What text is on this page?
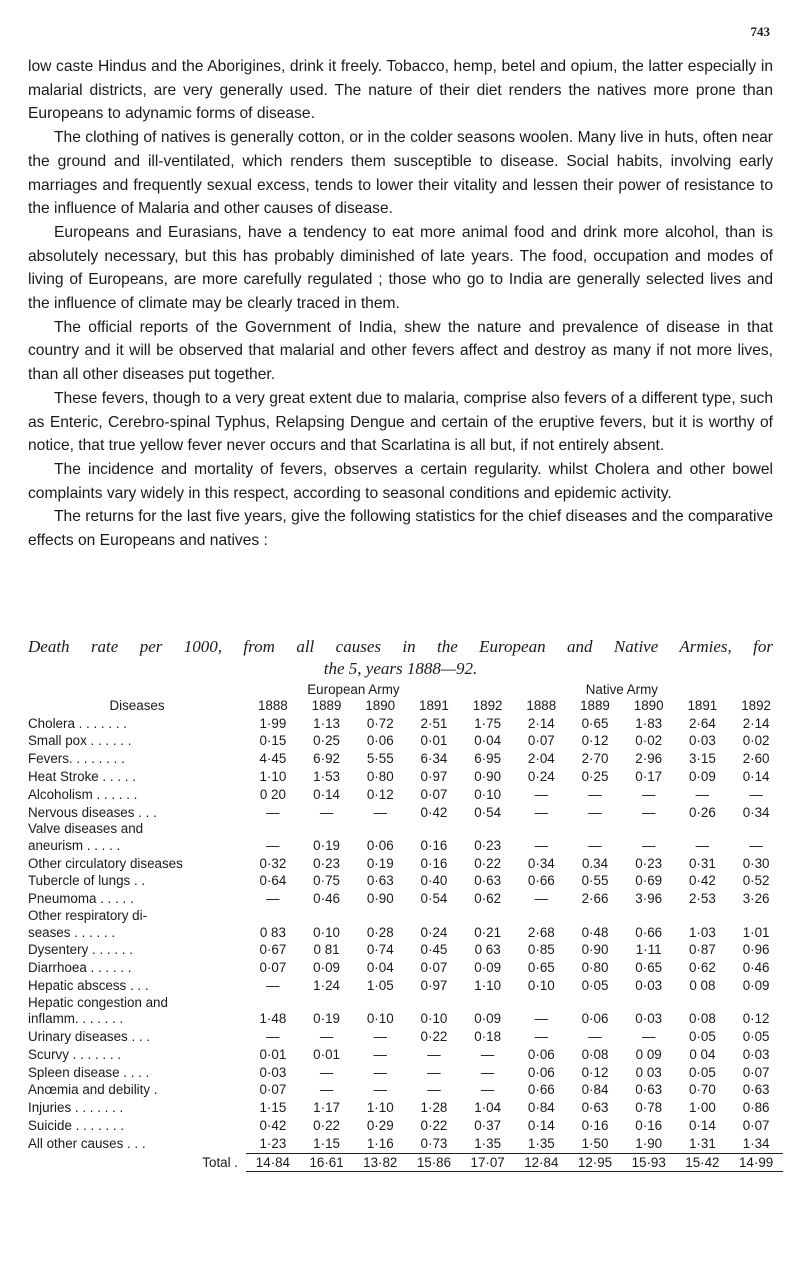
743

low caste Hindus and the Aborigines, drink it freely. Tobacco, hemp, betel and opium, the latter especially in malarial districts, are very generally used. The nature of their diet renders the natives more prone than Europeans to adynamic forms of disease.

The clothing of natives is generally cotton, or in the colder seasons woolen. Many live in huts, often near the ground and ill-ventilated, which renders them susceptible to disease. Social habits, involving early marriages and frequently sexual excess, tends to lower their vitality and lessen their power of resistance to the influence of Malaria and other causes of disease.

Europeans and Eurasians, have a tendency to eat more animal food and drink more alcohol, than is absolutely necessary, but this has probably diminished of late years. The food, occupation and modes of living of Europeans, are more carefully regulated ; those who go to India are generally selected lives and the influence of climate may be clearly traced in them.

The official reports of the Government of India, shew the nature and prevalence of disease in that country and it will be observed that malarial and other fevers affect and destroy as many if not more lives, than all other diseases put together.

These fevers, though to a very great extent due to malaria, comprise also fevers of a different type, such as Enteric, Cerebro-spinal Typhus, Relapsing Dengue and certain of the eruptive fevers, but it is worthy of notice, that true yellow fever never occurs and that Scarlatina is all but, if not entirely absent.

The incidence and mortality of fevers, observes a certain regularity. whilst Cholera and other bowel complaints vary widely in this respect, according to seasonal conditions and epidemic activity.

The returns for the last five years, give the following statistics for the chief diseases and the comparative effects on Europeans and natives :

Death rate per 1000, from all causes in the European and Native Armies, for
the 5, years 1888—92.
	European Army					Native Army				
Diseases	1888	1889	1890	1891	1892	1888	1889	1890	1891	1892
Cholera . . . . . . .	1·99	1·13	0·72	2·51	1·75	2·14	0·65	1·83	2·64	2·14
Small pox . . . . . .	0·15	0·25	0·06	0·01	0·04	0·07	0·12	0·02	0·03	0·02
Fevers. . . . . . . .	4·45	6·92	5·55	6·34	6·95	2·04	2·70	2·96	3·15	2·60
Heat Stroke . . . . .	1·10	1·53	0·80	0·97	0·90	0·24	0·25	0·17	0·09	0·14
Alcoholism . . . . . .	0 20	0·14	0·12	0·07	0·10	—	—	—	—	—
Nervous diseases . . .	—	—	—	0·42	0·54	—	—	—	0·26	0·34
Valve diseases and										
aneurism . . . . .	—	0·19	0·06	0·16	0·23	—	—	—	—	—
Other circulatory diseases	0·32	0·23	0·19	0·16	0·22	0·34	0.34	0·23	0·31	0·30
Tubercle of lungs . .	0·64	0·75	0·63	0·40	0·63	0·66	0·55	0·69	0·42	0·52
Pneumoma . . . . .	—	0·46	0·90	0·54	0·62	—	2·66	3·96	2·53	3·26
Other respiratory di-										
seases . . . . . .	0 83	0·10	0·28	0·24	0·21	2·68	0·48	0·66	1·03	1·01
Dysentery . . . . . .	0·67	0 81	0·74	0·45	0 63	0·85	0·90	1·11	0·87	0·96
Diarrhoea . . . . . .	0·07	0·09	0·04	0·07	0·09	0·65	0·80	0·65	0·62	0·46
Hepatic abscess . . .	—	1·24	1·05	0·97	1·10	0·10	0·05	0·03	0 08	0·09
Hepatic congestion and										
inflamm. . . . . . .	1·48	0·19	0·10	0·10	0·09	—	0·06	0·03	0·08	0·12
Urinary diseases . . .	—	—	—	0·22	0·18	—	—	—	0·05	0·05
Scurvy . . . . . . .	0·01	0·01	—	—	—	0·06	0·08	0 09	0 04	0·03
Spleen disease . . . .	0·03	—	—	—	—	0·06	0·12	0 03	0·05	0·07
Anœmia and debility .	0·07	—	—	—	—	0·66	0·84	0·63	0·70	0·63
Injuries . . . . . . .	1·15	1·17	1·10	1·28	1·04	0·84	0·63	0·78	1·00	0·86
Suicide . . . . . . .	0·42	0·22	0·29	0·22	0·37	0·14	0·16	0·16	0·14	0·07
All other causes . . .	1·23	1·15	1·16	0·73	1·35	1·35	1·50	1·90	1·31	1·34
Total .	14·84	16·61	13·82	15·86	17·07	12·84	12·95	15·93	15·42	14·99
